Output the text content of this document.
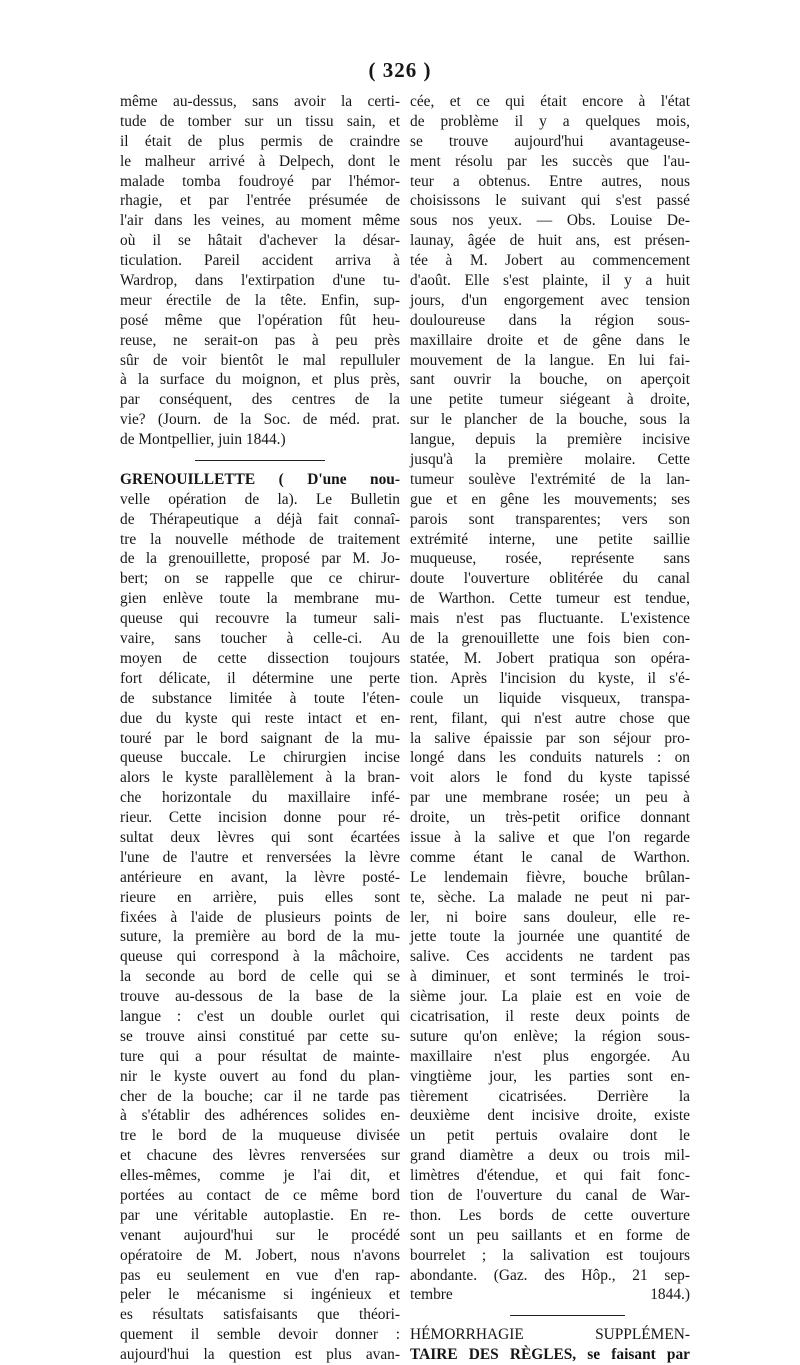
( 326 )
même au-dessus, sans avoir la certi-
tude de tomber sur un tissu sain, et
il était de plus permis de craindre
le malheur arrivé à Delpech, dont le
malade tomba foudroyé par l'hémor-
rhagie, et par l'entrée présumée de
l'air dans les veines, au moment même
où il se hâtait d'achever la désar-
ticulation. Pareil accident arriva à
Wardrop, dans l'extirpation d'une tu-
meur érectile de la tête. Enfin, sup-
posé même que l'opération fût heu-
reuse, ne serait-on pas à peu près
sûr de voir bientôt le mal repulluler
à la surface du moignon, et plus près,
par conséquent, des centres de la
vie? (Journ. de la Soc. de méd. prat.
de Montpellier, juin 1844.)
GRENOUILLETTE ( D'une nou-
velle opération de la). Le Bulletin
de Thérapeutique a déjà fait connaî-
tre la nouvelle méthode de traitement
de la grenouillette, proposé par M. Jo-
bert; on se rappelle que ce chirur-
gien enlève toute la membrane mu-
queuse qui recouvre la tumeur sali-
vaire, sans toucher à celle-ci. Au
moyen de cette dissection toujours
fort délicate, il détermine une perte
de substance limitée à toute l'éten-
due du kyste qui reste intact et en-
touré par le bord saignant de la mu-
queuse buccale. Le chirurgien incise
alors le kyste parallèlement à la bran-
che horizontale du maxillaire infé-
rieur. Cette incision donne pour ré-
sultat deux lèvres qui sont écartées
l'une de l'autre et renversées la lèvre
antérieure en avant, la lèvre posté-
rieure en arrière, puis elles sont
fixées à l'aide de plusieurs points de
suture, la première au bord de la mu-
queuse qui correspond à la mâchoire,
la seconde au bord de celle qui se
trouve au-dessous de la base de la
langue : c'est un double ourlet qui
se trouve ainsi constitué par cette su-
ture qui a pour résultat de mainte-
nir le kyste ouvert au fond du plan-
cher de la bouche; car il ne tarde pas
à s'établir des adhérences solides en-
tre le bord de la muqueuse divisée
et chacune des lèvres renversées sur
elles-mêmes, comme je l'ai dit, et
portées au contact de ce même bord
par une véritable autoplastie. En re-
venant aujourd'hui sur le procédé
opératoire de M. Jobert, nous n'avons
pas eu seulement en vue d'en rap-
peler le mécanisme si ingénieux et
es résultats satisfaisants que théori-
quement il semble devoir donner :
aujourd'hui la question est plus avan-
cée, et ce qui était encore à l'état
de problème il y a quelques mois,
se trouve aujourd'hui avantageuse-
ment résolu par les succès que l'au-
teur a obtenus. Entre autres, nous
choisissons le suivant qui s'est passé
sous nos yeux. — Obs. Louise De-
launay, âgée de huit ans, est présen-
tée à M. Jobert au commencement
d'août. Elle s'est plainte, il y a huit
jours, d'un engorgement avec tension
douloureuse dans la région sous-
maxillaire droite et de gêne dans le
mouvement de la langue. En lui fai-
sant ouvrir la bouche, on aperçoit
une petite tumeur siégeant à droite,
sur le plancher de la bouche, sous la
langue, depuis la première incisive
jusqu'à la première molaire. Cette
tumeur soulève l'extrémité de la lan-
gue et en gêne les mouvements; ses
parois sont transparentes; vers son
extrémité interne, une petite saillie
muqueuse, rosée, représente sans
doute l'ouverture oblitérée du canal
de Warthon. Cette tumeur est tendue,
mais n'est pas fluctuante. L'existence
de la grenouillette une fois bien con-
statée, M. Jobert pratiqua son opéra-
tion. Après l'incision du kyste, il s'é-
coule un liquide visqueux, transpa-
rent, filant, qui n'est autre chose que
la salive épaissie par son séjour pro-
longé dans les conduits naturels : on
voit alors le fond du kyste tapissé
par une membrane rosée; un peu à
droite, un très-petit orifice donnant
issue à la salive et que l'on regarde
comme étant le canal de Warthon.
Le lendemain fièvre, bouche brûlan-
te, sèche. La malade ne peut ni par-
ler, ni boire sans douleur, elle re-
jette toute la journée une quantité de
salive. Ces accidents ne tardent pas
à diminuer, et sont terminés le troi-
sième jour. La plaie est en voie de
cicatrisation, il reste deux points de
suture qu'on enlève; la région sous-
maxillaire n'est plus engorgée. Au
vingtième jour, les parties sont en-
tièrement cicatrisées. Derrière la
deuxième dent incisive droite, existe
un petit pertuis ovalaire dont le
grand diamètre a deux ou trois mil-
limètres d'étendue, et qui fait fonc-
tion de l'ouverture du canal de War-
thon. Les bords de cette ouverture
sont un peu saillants et en forme de
bourrelet ; la salivation est toujours
abondante. (Gaz. des Hôp., 21 sep-
tembre 1844.)
HÉMORRHAGIE SUPPLÉMEN-
TAIRE DES RÈGLES, se faisant par
